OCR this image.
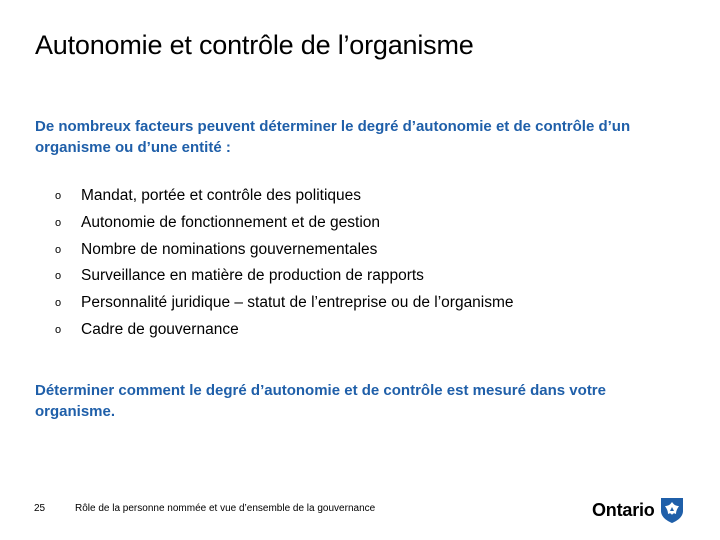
Autonomie et contrôle de l’organisme
De nombreux facteurs peuvent déterminer le degré d’autonomie et de contrôle d’un organisme ou d’une entité :
o Mandat, portée et contrôle des politiques
o Autonomie de fonctionnement et de gestion
o Nombre de nominations gouvernementales
o Surveillance en matière de production de rapports
o Personnalité juridique – statut de l’entreprise ou de l’organisme
o Cadre de gouvernance
Déterminer comment le degré d’autonomie et de contrôle est mesuré dans votre organisme.
25	Rôle de la personne nommée et vue d’ensemble de la gouvernance	Ontario
